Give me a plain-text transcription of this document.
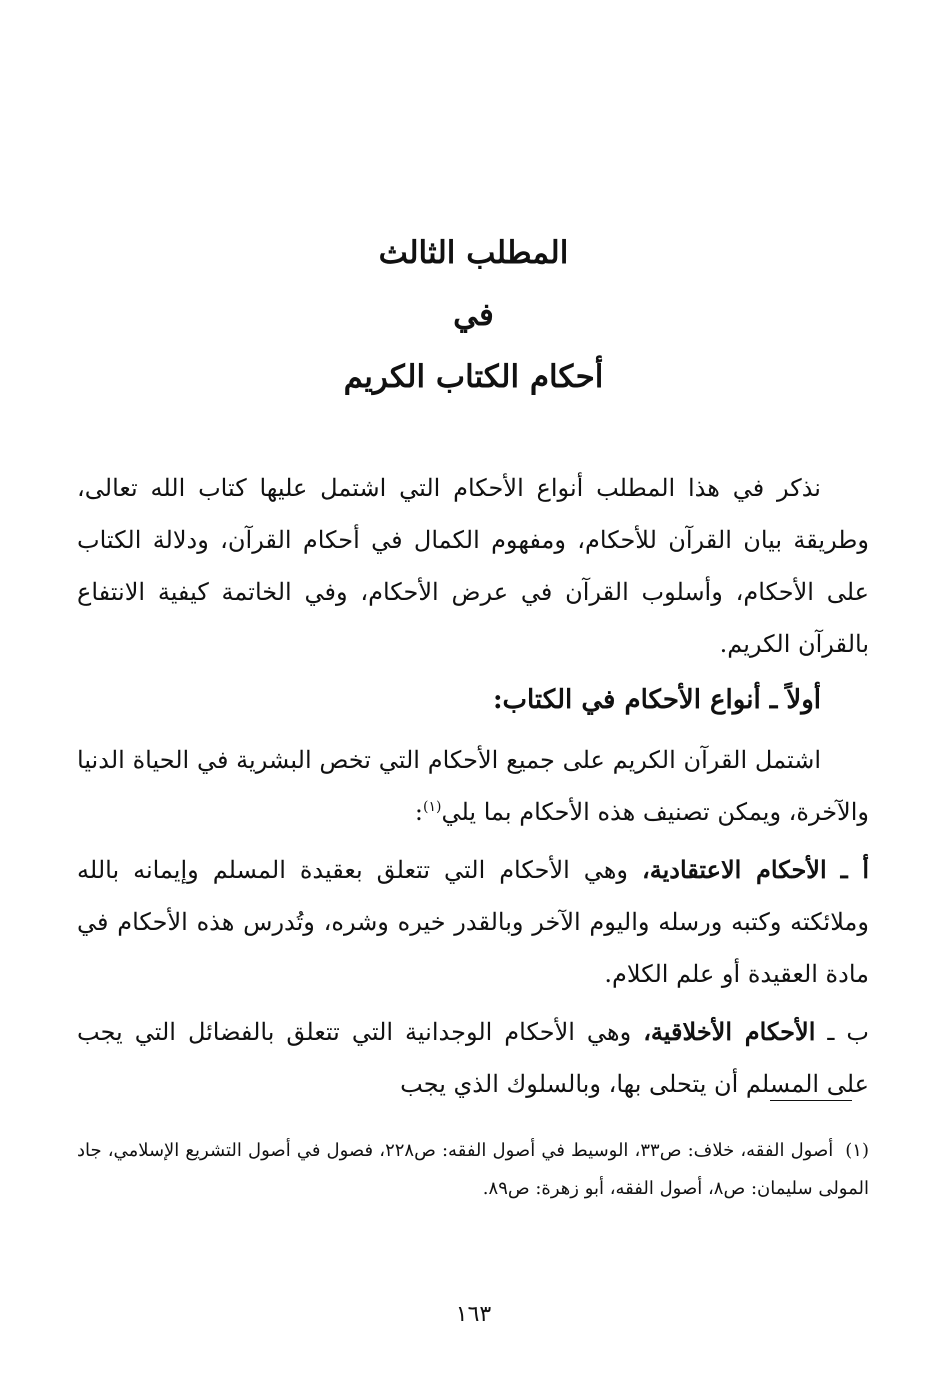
المطلب الثالث

في

أحكام الكتاب الكريم

نذكر في هذا المطلب أنواع الأحكام التي اشتمل عليها كتاب الله تعالى، وطريقة بيان القرآن للأحكام، ومفهوم الكمال في أحكام القرآن، ودلالة الكتاب على الأحكام، وأسلوب القرآن في عرض الأحكام، وفي الخاتمة كيفية الانتفاع بالقرآن الكريم.

أولاً ـ أنواع الأحكام في الكتاب:

اشتمل القرآن الكريم على جميع الأحكام التي تخص البشرية في الحياة الدنيا والآخرة، ويمكن تصنيف هذه الأحكام بما يلي$^{(١)}$:

أ ـ الأحكام الاعتقادية، وهي الأحكام التي تتعلق بعقيدة المسلم وإيمانه بالله وملائكته وكتبه ورسله واليوم الآخر وبالقدر خيره وشره، وتُدرس هذه الأحكام في مادة العقيدة أو علم الكلام.

ب ـ الأحكام الأخلاقية، وهي الأحكام الوجدانية التي تتعلق بالفضائل التي يجب على المسلم أن يتحلى بها، وبالسلوك الذي يجب

(١)أصول الفقه، خلاف: ص٣٣، الوسيط في أصول الفقه: ص٢٢٨، فصول في أصول التشريع الإسلامي، جاد المولى سليمان: ص٨، أصول الفقه، أبو زهرة: ص٨٩.
١٦٣
